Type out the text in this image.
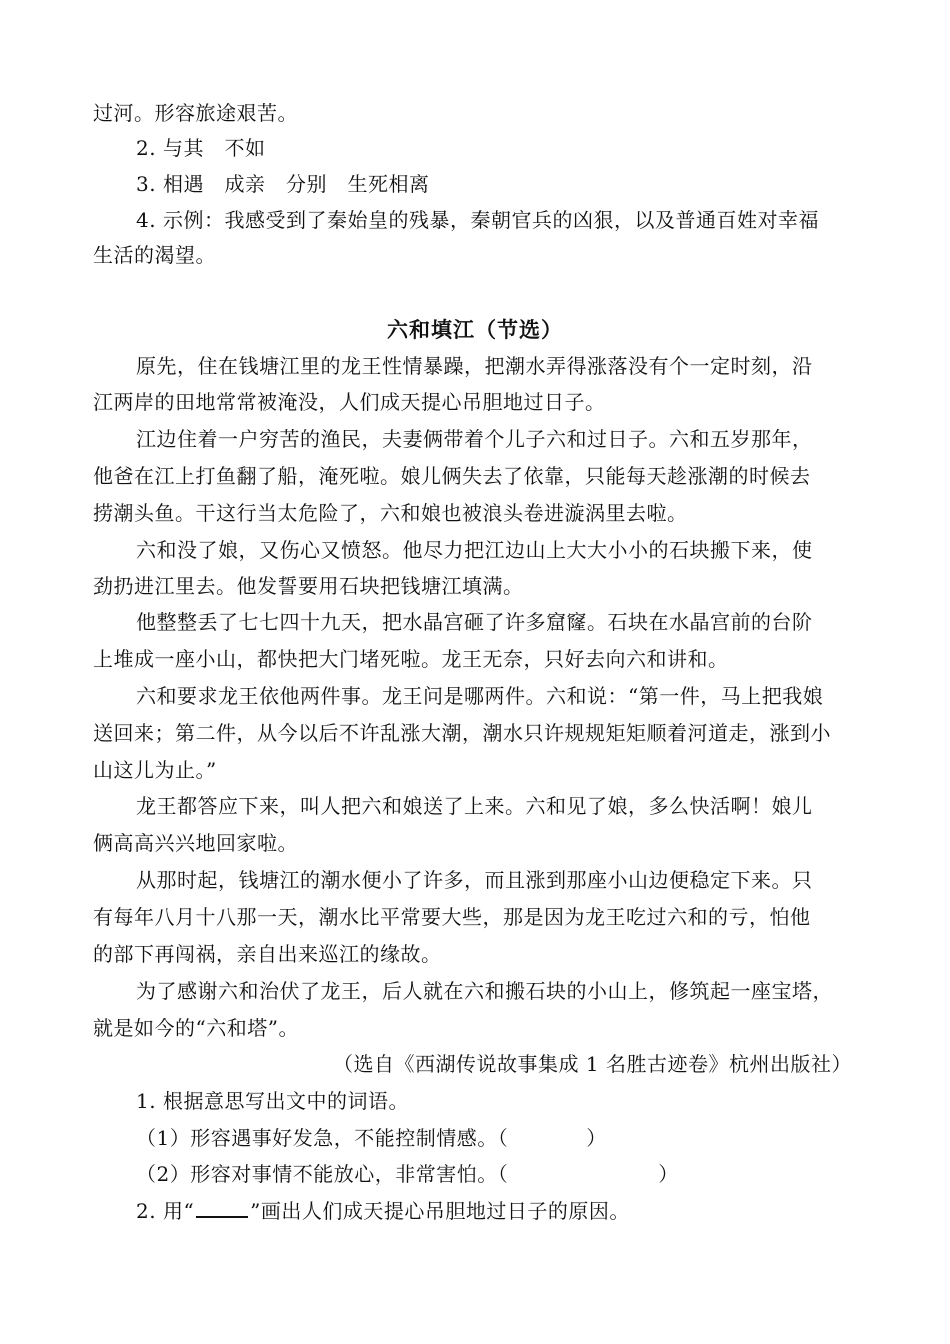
过河。形容旅途艰苦。
2. 与其　不如
3. 相遇　成亲　分别　生死相离
4. 示例：我感受到了秦始皇的残暴，秦朝官兵的凶狠，以及普通百姓对幸福
生活的渴望。
六和填江（节选）
原先，住在钱塘江里的龙王性情暴躁，把潮水弄得涨落没有个一定时刻，沿
江两岸的田地常常被淹没，人们成天提心吊胆地过日子。
江边住着一户穷苦的渔民，夫妻俩带着个儿子六和过日子。六和五岁那年，
他爸在江上打鱼翻了船，淹死啦。娘儿俩失去了依靠，只能每天趁涨潮的时候去
捞潮头鱼。干这行当太危险了，六和娘也被浪头卷进漩涡里去啦。
六和没了娘，又伤心又愤怒。他尽力把江边山上大大小小的石块搬下来，使
劲扔进江里去。他发誓要用石块把钱塘江填满。
他整整丢了七七四十九天，把水晶宫砸了许多窟窿。石块在水晶宫前的台阶
上堆成一座小山，都快把大门堵死啦。龙王无奈，只好去向六和讲和。
六和要求龙王依他两件事。龙王问是哪两件。六和说：“第一件，马上把我娘
送回来；第二件，从今以后不许乱涨大潮，潮水只许规规矩矩顺着河道走，涨到小
山这儿为止。”
龙王都答应下来，叫人把六和娘送了上来。六和见了娘，多么快活啊！娘儿
俩高高兴兴地回家啦。
从那时起，钱塘江的潮水便小了许多，而且涨到那座小山边便稳定下来。只
有每年八月十八那一天，潮水比平常要大些，那是因为龙王吃过六和的亏，怕他
的部下再闯祸，亲自出来巡江的缘故。
为了感谢六和治伏了龙王，后人就在六和搬石块的小山上，修筑起一座宝塔，
就是如今的“六和塔”。
（选自《西湖传说故事集成 1 名胜古迹卷》杭州出版社）
1. 根据意思写出文中的词语。
（1）形容遇事好发急，不能控制情感。（	）
（2）形容对事情不能放心，非常害怕。（	）
2. 用“	”画出人们成天提心吊胆地过日子的原因。
